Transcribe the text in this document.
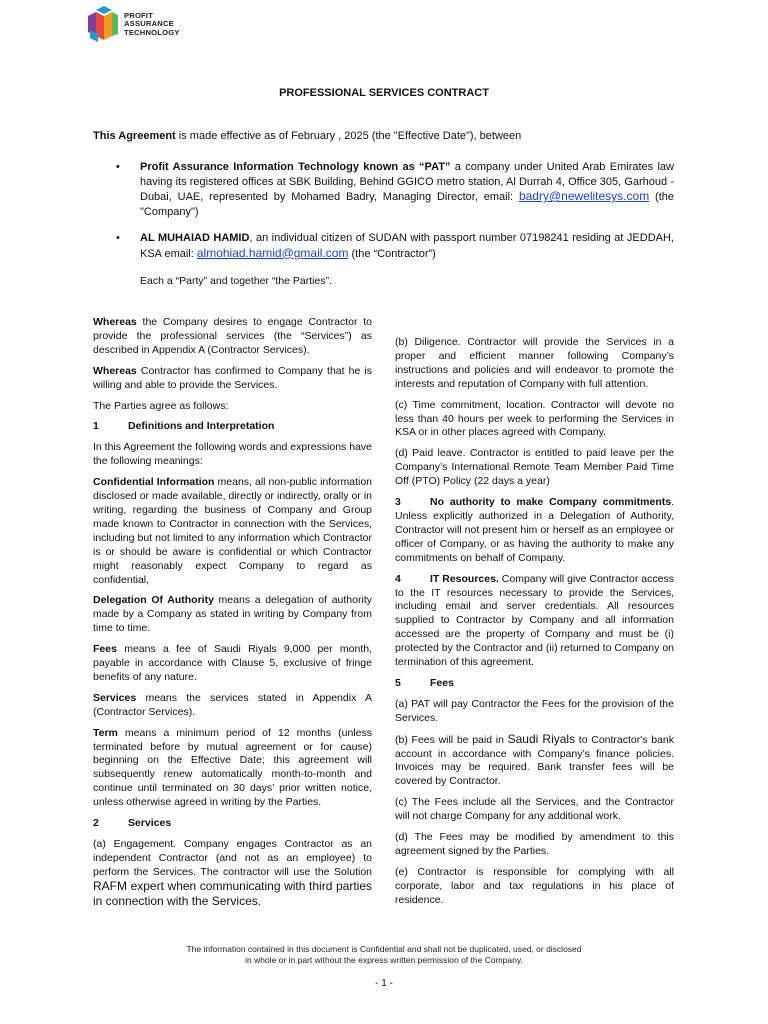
PROFIT
ASSURANCE
TECHNOLOGY
PROFESSIONAL SERVICES CONTRACT
This Agreement is made effective as of February , 2025 (the "Effective Date"), between
• Profit Assurance Information Technology known as “PAT” a company under United Arab Emirates law having its registered offices at SBK Building, Behind GGICO metro station, Al Durrah 4, Office 305, Garhoud - Dubai, UAE, represented by Mohamed Badry, Managing Director, email: badry@newelitesys.com (the "Company")
• AL MUHAIAD HAMID, an individual citizen of SUDAN with passport number 07198241 residing at JEDDAH, KSA email: almohiad.hamid@gmail.com (the “Contractor”)
Each a “Party” and together “the Parties”.

Whereas the Company desires to engage Contractor to provide the professional services (the “Services”) as described in Appendix A (Contractor Services).

Whereas Contractor has confirmed to Company that he is willing and able to provide the Services.

The Parties agree as follows:

1	Definitions and Interpretation

In this Agreement the following words and expressions have the following meanings:

Confidential Information means, all non-public information disclosed or made available, directly or indirectly, orally or in writing, regarding the business of Company and Group made known to Contractor in connection with the Services, including but not limited to any information which Contractor is or should be aware is confidential or which Contractor might reasonably expect Company to regard as confidential,

Delegation Of Authority means a delegation of authority made by a Company as stated in writing by Company from time to time.

Fees means a fee of Saudi Riyals 9,000 per month, payable in accordance with Clause 5, exclusive of fringe benefits of any nature.

Services means the services stated in Appendix A (Contractor Services).

Term means a minimum period of 12 months (unless terminated before by mutual agreement or for cause) beginning on the Effective Date; this agreement will subsequently renew automatically month-to-month and continue until terminated on 30 days’ prior written notice, unless otherwise agreed in writing by the Parties.

2	Services

(a) Engagement. Company engages Contractor as an independent Contractor (and not as an employee) to perform the Services. The contractor will use the Solution RAFM expert when communicating with third parties in connection with the Services.

(b) Diligence. Contractor will provide the Services in a proper and efficient manner following Company’s instructions and policies and will endeavor to promote the interests and reputation of Company with full attention.

(c) Time commitment, location. Contractor will devote no less than 40 hours per week to performing the Services in KSA or in other places agreed with Company.

(d) Paid leave. Contractor is entitled to paid leave per the Company’s International Remote Team Member Paid Time Off (PTO) Policy (22 days a year)

3	No authority to make Company commitments. Unless explicitly authorized in a Delegation of Authority, Contractor will not present him or herself as an employee or officer of Company, or as having the authority to make any commitments on behalf of Company.

4	IT Resources. Company will give Contractor access to the IT resources necessary to provide the Services, including email and server credentials. All resources supplied to Contractor by Company and all information accessed are the property of Company and must be (i) protected by the Contractor and (ii) returned to Company on termination of this agreement.

5	Fees

(a) PAT will pay Contractor the Fees for the provision of the Services.

(b) Fees will be paid in Saudi Riyals to Contractor's bank account in accordance with Company’s finance policies. Invoices may be required. Bank transfer fees will be covered by Contractor.

(c) The Fees include all the Services, and the Contractor will not charge Company for any additional work.

(d) The Fees may be modified by amendment to this agreement signed by the Parties.

(e) Contractor is responsible for complying with all corporate, labor and tax regulations in his place of residence.

The information contained in this document is Confidential and shall not be duplicated, used, or disclosed
in whole or in part without the express written permission of the Company.
- 1 -
